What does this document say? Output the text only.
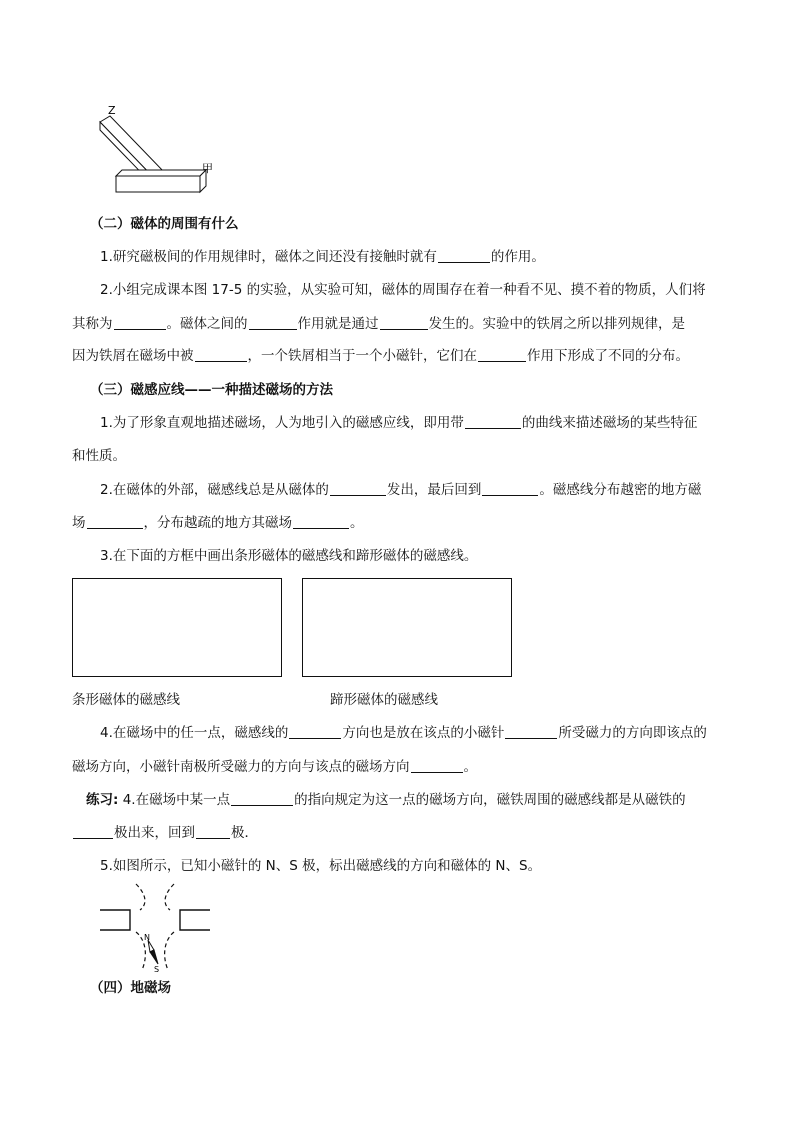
Z
甲
（二）磁体的周围有什么
1.研究磁极间的作用规律时，磁体之间还没有接触时就有	的作用。
2.小组完成课本图 17-5 的实验，从实验可知，磁体的周围存在着一种看不见、摸不着的物质，人们将
其称为	。磁体之间的	作用就是通过	发生的。实验中的铁屑之所以排列规律，是
因为铁屑在磁场中被	，一个铁屑相当于一个小磁针，它们在	作用下形成了不同的分布。
（三）磁感应线——一种描述磁场的方法
1.为了形象直观地描述磁场，人为地引入的磁感应线，即用带	的曲线来描述磁场的某些特征
和性质。
2.在磁体的外部，磁感线总是从磁体的	发出，最后回到	。磁感线分布越密的地方磁
场	，分布越疏的地方其磁场	。
3.在下面的方框中画出条形磁体的磁感线和蹄形磁体的磁感线。
条形磁体的磁感线	蹄形磁体的磁感线
4.在磁场中的任一点，磁感线的	方向也是放在该点的小磁针	所受磁力的方向即该点的
磁场方向，小磁针南极所受磁力的方向与该点的磁场方向	。
练习: 4.在磁场中某一点	的指向规定为这一点的磁场方向，磁铁周围的磁感线都是从磁铁的
极出来，回到	极．
5.如图所示，已知小磁针的 N、S 极，标出磁感线的方向和磁体的 N、S。
N
S
（四）地磁场
